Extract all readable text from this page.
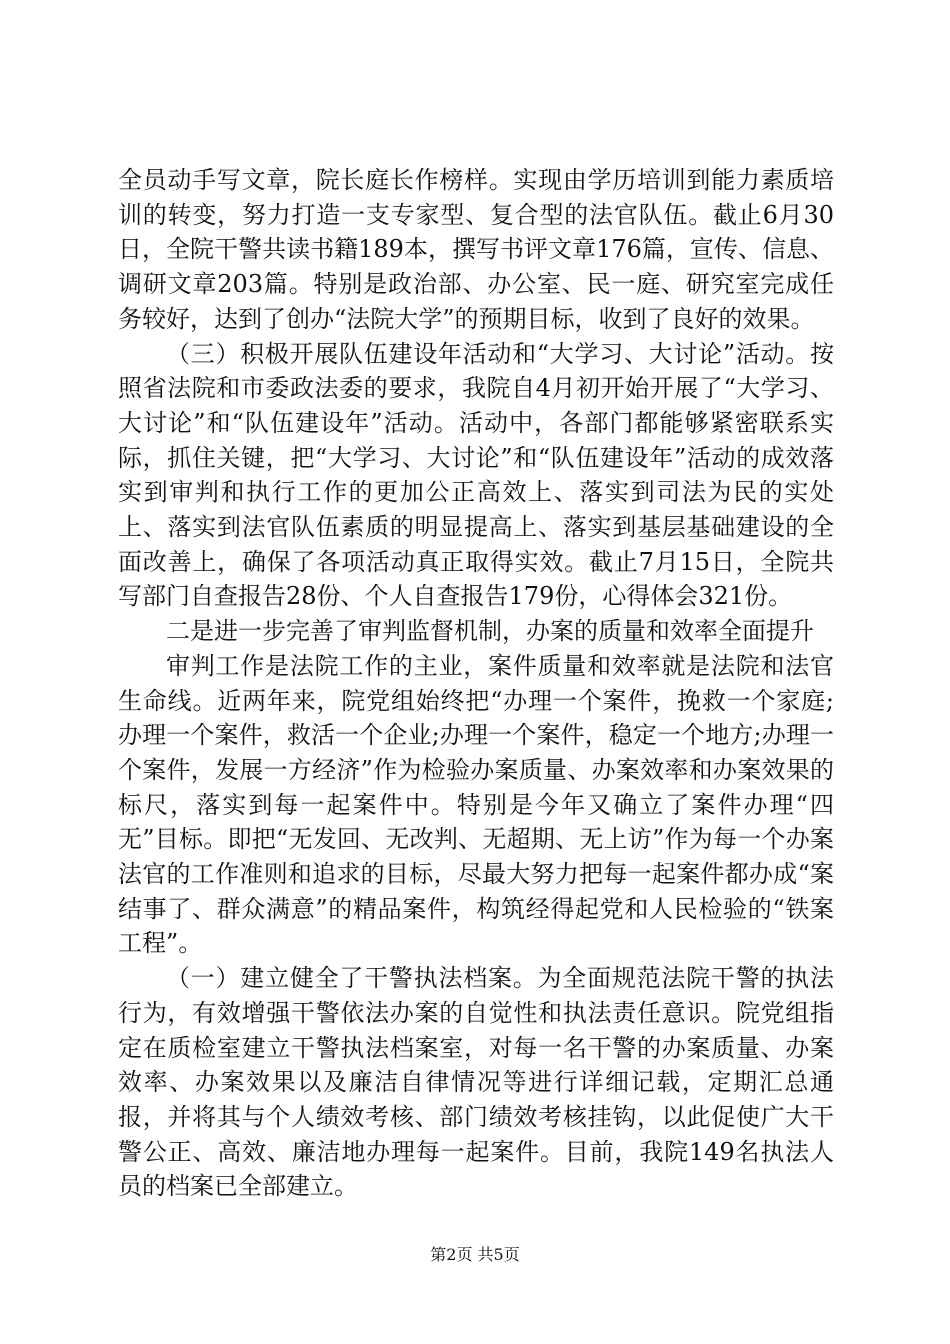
全员动手写文章，院长庭长作榜样。实现由学历培训到能力素质培训的转变，努力打造一支专家型、复合型的法官队伍。截止6月30日，全院干警共读书籍189本，撰写书评文章176篇，宣传、信息、调研文章203篇。特别是政治部、办公室、民一庭、研究室完成任务较好，达到了创办“法院大学”的预期目标，收到了良好的效果。

（三）积极开展队伍建设年活动和“大学习、大讨论”活动。按照省法院和市委政法委的要求，我院自4月初开始开展了“大学习、大讨论”和“队伍建设年”活动。活动中，各部门都能够紧密联系实际，抓住关键，把“大学习、大讨论”和“队伍建设年”活动的成效落实到审判和执行工作的更加公正高效上、落实到司法为民的实处上、落实到法官队伍素质的明显提高上、落实到基层基础建设的全面改善上，确保了各项活动真正取得实效。截止7月15日，全院共写部门自查报告28份、个人自查报告179份，心得体会321份。

二是进一步完善了审判监督机制，办案的质量和效率全面提升

审判工作是法院工作的主业，案件质量和效率就是法院和法官生命线。近两年来，院党组始终把“办理一个案件，挽救一个家庭;办理一个案件，救活一个企业;办理一个案件，稳定一个地方;办理一个案件，发展一方经济”作为检验办案质量、办案效率和办案效果的标尺，落实到每一起案件中。特别是今年又确立了案件办理“四无”目标。即把“无发回、无改判、无超期、无上访”作为每一个办案法官的工作准则和追求的目标，尽最大努力把每一起案件都办成“案结事了、群众满意”的精品案件，构筑经得起党和人民检验的“铁案工程”。

（一）建立健全了干警执法档案。为全面规范法院干警的执法行为，有效增强干警依法办案的自觉性和执法责任意识。院党组指定在质检室建立干警执法档案室，对每一名干警的办案质量、办案效率、办案效果以及廉洁自律情况等进行详细记载，定期汇总通报，并将其与个人绩效考核、部门绩效考核挂钩，以此促使广大干警公正、高效、廉洁地办理每一起案件。目前，我院149名执法人员的档案已全部建立。

第2页 共5页
